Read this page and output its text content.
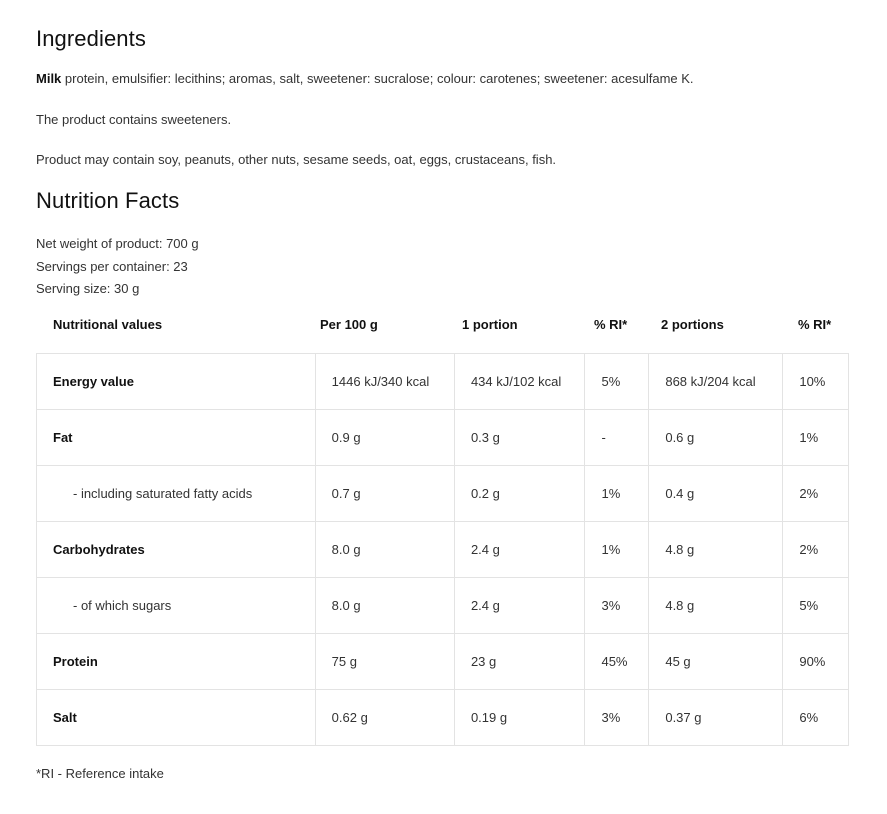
Ingredients
Milk protein, emulsifier: lecithins; aromas, salt, sweetener: sucralose; colour: carotenes; sweetener: acesulfame K.
The product contains sweeteners.
Product may contain soy, peanuts, other nuts, sesame seeds, oat, eggs, crustaceans, fish.
Nutrition Facts
Net weight of product: 700 g
Servings per container: 23
Serving size: 30 g
Nutritional values	Per 100 g	1 portion	% RI*	2 portions	% RI*
Energy value	1446 kJ/340 kcal	434 kJ/102 kcal	5%	868 kJ/204 kcal	10%
Fat	0.9 g	0.3 g	-	0.6 g	1%
- including saturated fatty acids	0.7 g	0.2 g	1%	0.4 g	2%
Carbohydrates	8.0 g	2.4 g	1%	4.8 g	2%
- of which sugars	8.0 g	2.4 g	3%	4.8 g	5%
Protein	75 g	23 g	45%	45 g	90%
Salt	0.62 g	0.19 g	3%	0.37 g	6%
*RI - Reference intake
